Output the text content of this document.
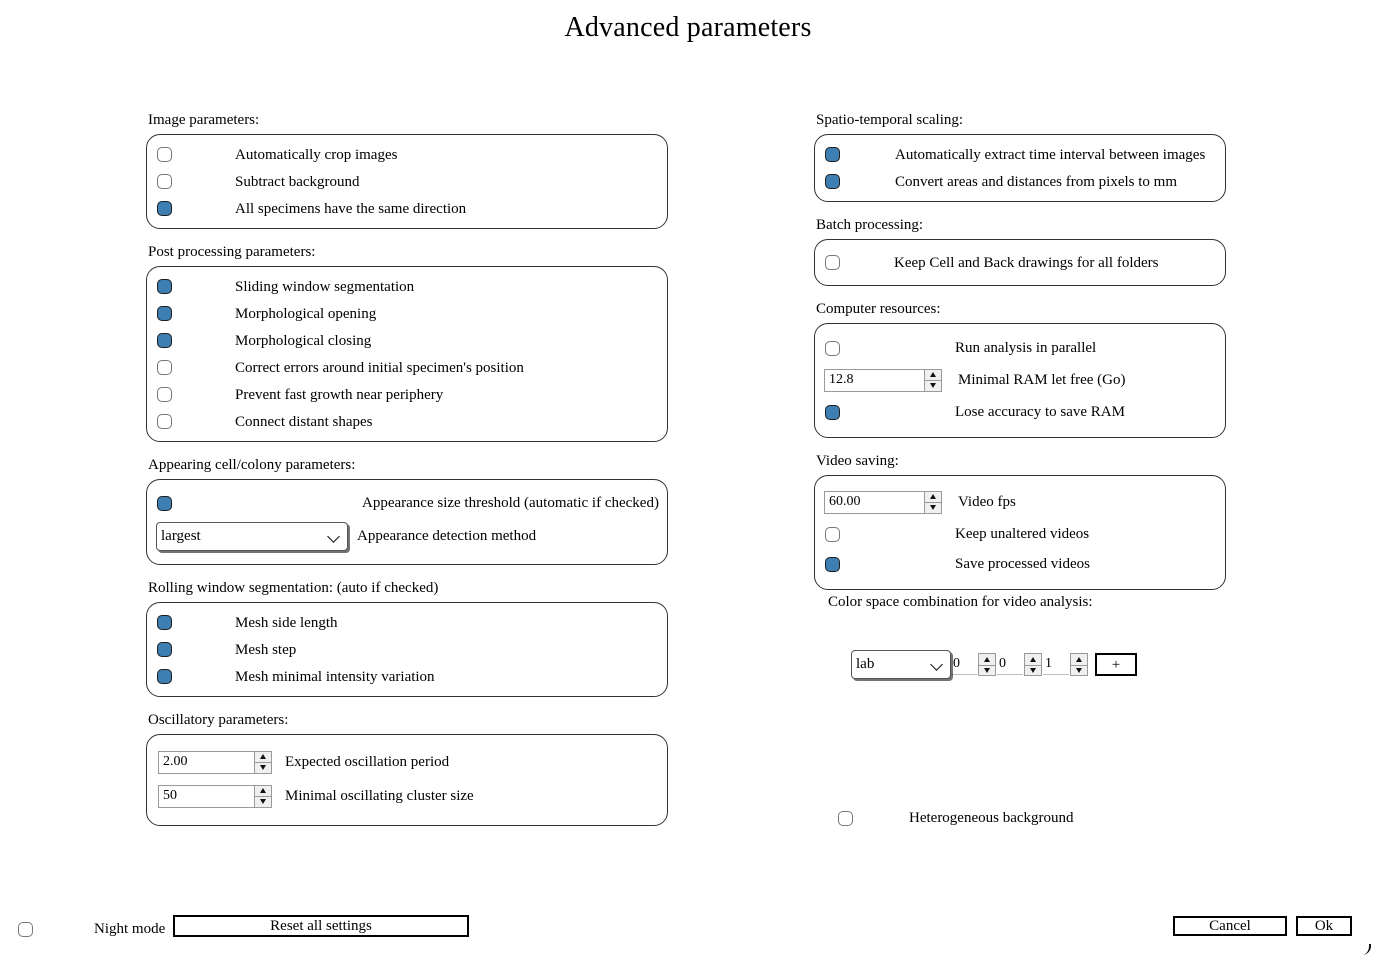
Advanced parameters
Image parameters:
Automatically crop images
Subtract background
All specimens have the same direction
Post processing parameters:
Sliding window segmentation
Morphological opening
Morphological closing
Correct errors around initial specimen's position
Prevent fast growth near periphery
Connect distant shapes
Appearing cell/colony parameters:
Appearance size threshold (automatic if checked)
largest	Appearance detection method
Rolling window segmentation: (auto if checked)
Mesh side length
Mesh step
Mesh minimal intensity variation
Oscillatory parameters:
2.00
Expected oscillation period
50
Minimal oscillating cluster size
Spatio-temporal scaling:
Automatically extract time interval between images
Convert areas and distances from pixels to mm
Batch processing:
Keep Cell and Back drawings for all folders
Computer resources:
Run analysis in parallel
12.8
Minimal RAM let free (Go)
Lose accuracy to save RAM
Video saving:
60.00
Video fps
Keep unaltered videos
Save processed videos
Color space combination for video analysis:
lab
0
0
1	+
Heterogeneous background
Night mode	Reset all settings	Cancel	Ok
